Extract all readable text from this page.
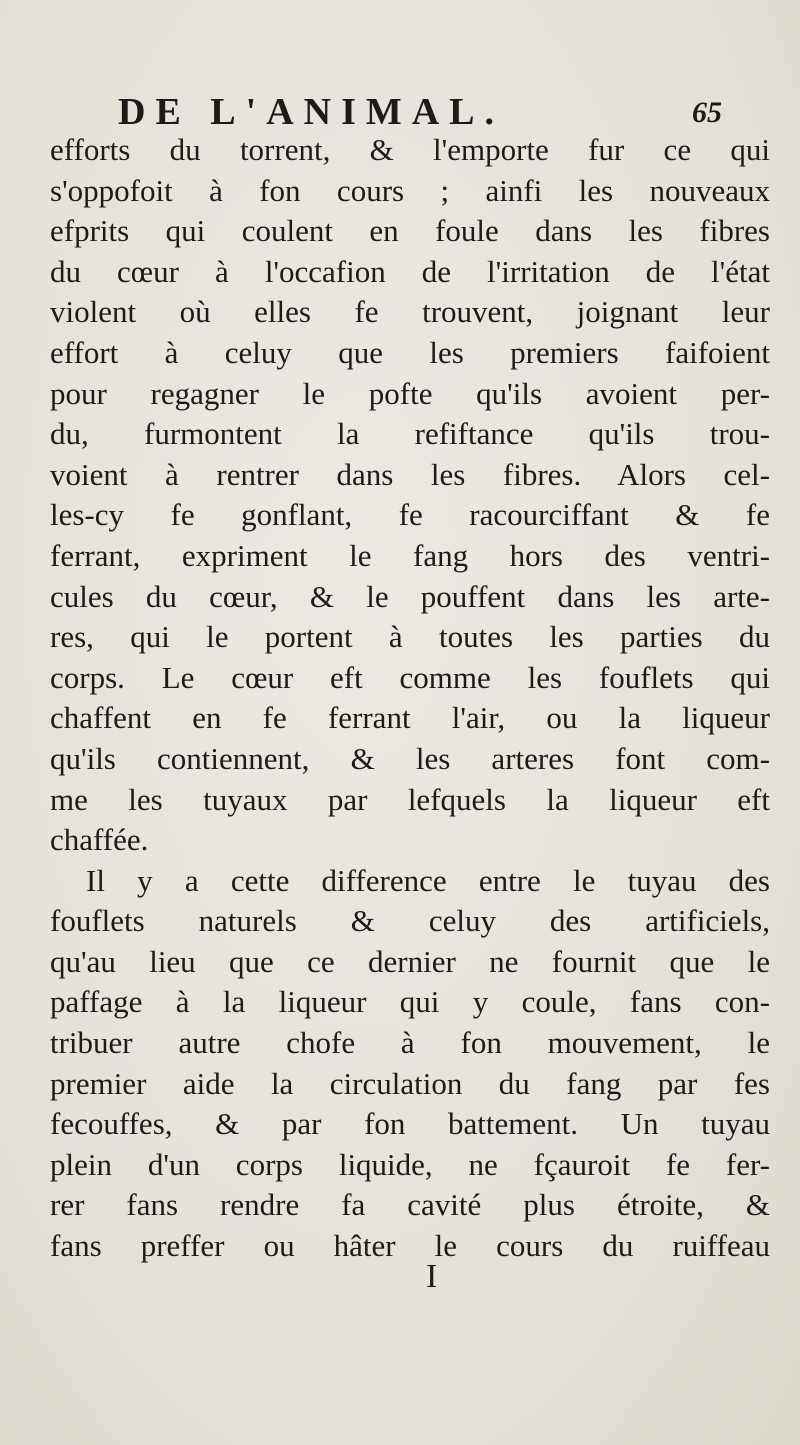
DE L'ANIMAL.	65
efforts du torrent, & l'emporte fur ce qui
s'oppofoit à fon cours ; ainfi les nouveaux
efprits qui coulent en foule dans les fibres
du cœur à l'occafion de l'irritation de l'état
violent où elles fe trouvent, joignant leur
effort à celuy que les premiers faifoient
pour regagner le pofte qu'ils avoient per-
du, furmontent la refiftance qu'ils trou-
voient à rentrer dans les fibres. Alors cel-
les-cy fe gonflant, fe racourciffant & fe
ferrant, expriment le fang hors des ventri-
cules du cœur, & le pouffent dans les arte-
res, qui le portent à toutes les parties du
corps. Le cœur eft comme les fouflets qui
chaffent en fe ferrant l'air, ou la liqueur
qu'ils contiennent, & les arteres font com-
me les tuyaux par lefquels la liqueur eft
chaffée.
Il y a cette difference entre le tuyau des
fouflets naturels & celuy des artificiels,
qu'au lieu que ce dernier ne fournit que le
paffage à la liqueur qui y coule, fans con-
tribuer autre chofe à fon mouvement, le
premier aide la circulation du fang par fes
fecouffes, & par fon battement. Un tuyau
plein d'un corps liquide, ne fçauroit fe fer-
rer fans rendre fa cavité plus étroite, &
fans preffer ou hâter le cours du ruiffeau
I
